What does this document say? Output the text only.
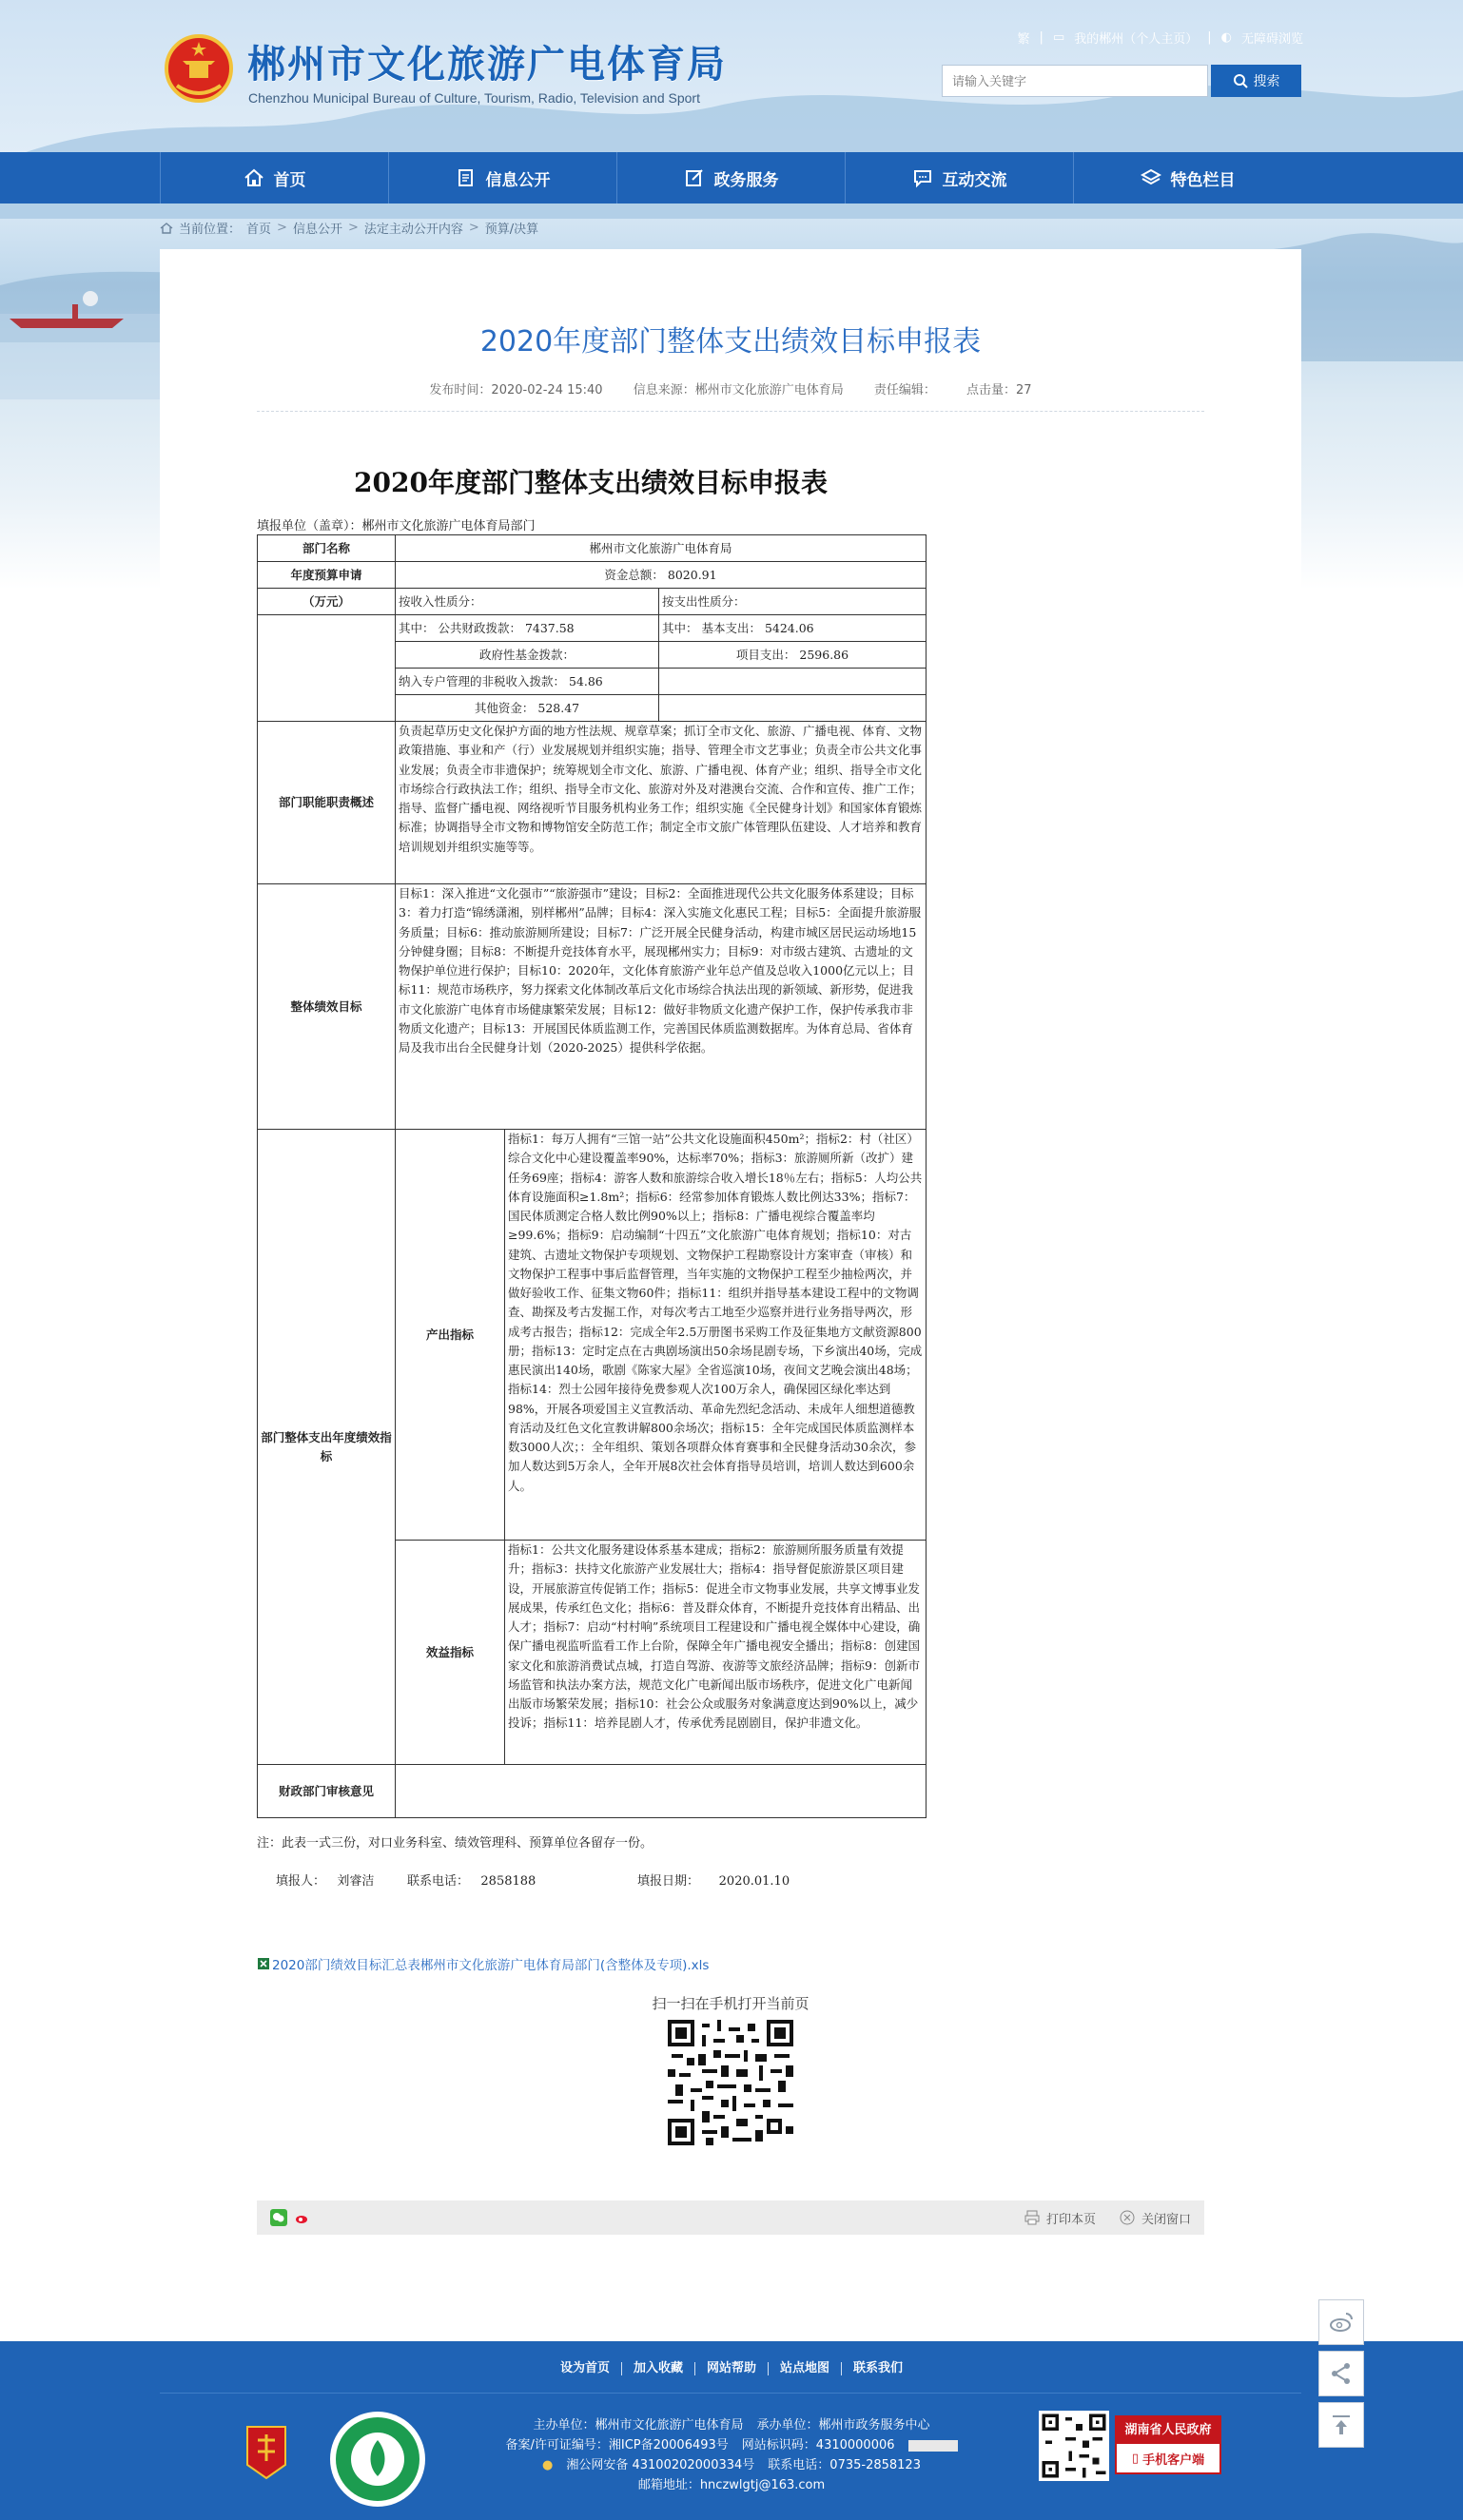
郴州市文化旅游广电体育局
Chenzhou Municipal Bureau of Culture, Tourism, Radio, Television and Sport
繁 | ▭ 我的郴州（个人主页） | ◐ 无障碍浏览
请输入关键字
搜索
首页	信息公开	政务服务	互动交流	特色栏目
当前位置： 首页 > 信息公开 > 法定主动公开内容 > 预算/决算
2020年度部门整体支出绩效目标申报表
发布时间：2020-02-24 15:40 信息来源：郴州市文化旅游广电体育局 责任编辑： 点击量：27
2020年度部门整体支出绩效目标申报表
填报单位（盖章）：郴州市文化旅游广电体育局部门
部门名称	郴州市文化旅游广电体育局		
年度预算申请	资金总额： 8020.91		
（万元）	按收入性质分：		按支出性质分：
	其中： 公共财政拨款： 7437.58		其中： 基本支出： 5424.06
	政府性基金拨款：		项目支出： 2596.86
	纳入专户管理的非税收入拨款： 54.86		
	其他资金： 528.47		
部门职能职责概述	负责起草历史文化保护方面的地方性法规、规章草案；抓订全市文化、旅游、广播电视、体育、文物政策措施、事业和产（行）业发展规划并组织实施；指导、管理全市文艺事业；负责全市公共文化事业发展；负责全市非遗保护；统筹规划全市文化、旅游、广播电视、体育产业；组织、指导全市文化市场综合行政执法工作；组织、指导全市文化、旅游对外及对港澳台交流、合作和宣传、推广工作；指导、监督广播电视、网络视听节目服务机构业务工作；组织实施《全民健身计划》和国家体育锻炼标准；协调指导全市文物和博物馆安全防范工作；制定全市文旅广体管理队伍建设、人才培养和教育培训规划并组织实施等等。		
整体绩效目标	目标1：深入推进“文化强市”“旅游强市”建设；目标2：全面推进现代公共文化服务体系建设；目标3：着力打造“锦绣潇湘，别样郴州”品牌；目标4：深入实施文化惠民工程；目标5：全面提升旅游服务质量；目标6：推动旅游厕所建设；目标7：广泛开展全民健身活动，构建市城区居民运动场地15分钟健身圈；目标8：不断提升竞技体育水平，展现郴州实力；目标9：对市级古建筑、古遗址的文物保护单位进行保护；目标10：2020年，文化体育旅游产业年总产值及总收入1000亿元以上；目标11：规范市场秩序，努力探索文化体制改革后文化市场综合执法出现的新领域、新形势，促进我市文化旅游广电体育市场健康繁荣发展；目标12：做好非物质文化遗产保护工作，保护传承我市非物质文化遗产；目标13：开展国民体质监测工作，完善国民体质监测数据库。为体育总局、省体育局及我市出台全民健身计划（2020-2025）提供科学依据。		
部门整体支出年度绩效指标	产出指标	指标1：每万人拥有“三馆一站”公共文化设施面积450m²；指标2：村（社区）综合文化中心建设覆盖率90%，达标率70%；指标3：旅游厕所新（改扩）建任务69座；指标4：游客人数和旅游综合收入增长18％左右；指标5：人均公共体育设施面积≥1.8m²；指标6：经常参加体育锻炼人数比例达33%；指标7：国民体质测定合格人数比例90%以上；指标8：广播电视综合覆盖率均≥99.6%；指标9：启动编制“十四五”文化旅游广电体育规划；指标10：对古建筑、古遗址文物保护专项规划、文物保护工程勘察设计方案审查（审核）和文物保护工程事中事后监督管理，当年实施的文物保护工程至少抽检两次，并做好验收工作、征集文物60件；指标11：组织并指导基本建设工程中的文物调查、勘探及考古发掘工作，对每次考古工地至少巡察并进行业务指导两次，形成考古报告；指标12：完成全年2.5万册图书采购工作及征集地方文献资源800册；指标13：定时定点在古典剧场演出50余场昆剧专场，下乡演出40场，完成惠民演出140场，歌剧《陈家大屋》全省巡演10场，夜间文艺晚会演出48场；指标14：烈士公园年接待免费参观人次100万余人，确保园区绿化率达到98%，开展各项爱国主义宣教活动、革命先烈纪念活动、未成年人细想道德教育活动及红色文化宣教讲解800余场次；指标15：全年完成国民体质监测样本数3000人次；：全年组织、策划各项群众体育赛事和全民健身活动30余次，参加人数达到5万余人，全年开展8次社会体育指导员培训，培训人数达到600余人。	
	效益指标	指标1：公共文化服务建设体系基本建成；指标2：旅游厕所服务质量有效提升；指标3：扶持文化旅游产业发展壮大；指标4：指导督促旅游景区项目建设，开展旅游宣传促销工作；指标5：促进全市文物事业发展，共享文博事业发展成果，传承红色文化；指标6：普及群众体育，不断提升竞技体育出精品、出人才；指标7：启动“村村响”系统项目工程建设和广播电视全媒体中心建设，确保广播电视监听监看工作上台阶，保障全年广播电视安全播出；指标8：创建国家文化和旅游消费试点城，打造自驾游、夜游等文旅经济品牌；指标9：创新市场监管和执法办案方法，规范文化广电新闻出版市场秩序，促进文化广电新闻出版市场繁荣发展；指标10：社会公众或服务对象满意度达到90%以上，减少投诉；指标11：培养昆剧人才，传承优秀昆剧剧目，保护非遗文化。	
财政部门审核意见			
注：此表一式三份，对口业务科室、绩效管理科、预算单位各留存一份。
填报人：   刘睿洁	联系电话：   2858188	填报日期：     2020.01.10
2020部门绩效目标汇总表郴州市文化旅游广电体育局部门(含整体及专项).xls
扫一扫在手机打开当前页
打印本页	关闭窗口
设为首页	加入收藏	网站帮助	站点地图	联系我们
主办单位：郴州市文化旅游广电体育局 承办单位：郴州市政务服务中心
备案/许可证编号：湘ICP备20006493号 网站标识码：4310000006
● 湘公网安备 43100202000334号 联系电话：0735-2858123
邮箱地址：hnczwlgtj@163.com
湖南省人民政府
▯ 手机客户端
